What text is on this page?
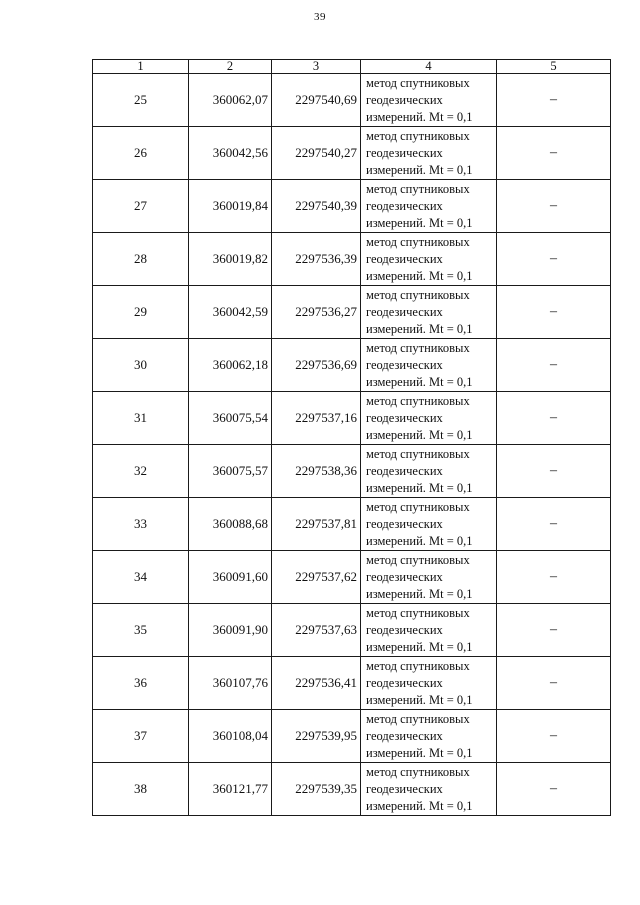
39
1	2	3	4	5
25	360062,07	2297540,69	метод спутниковых
геодезических
измерений. Mt = 0,1	–
26	360042,56	2297540,27	метод спутниковых
геодезических
измерений. Mt = 0,1	–
27	360019,84	2297540,39	метод спутниковых
геодезических
измерений. Mt = 0,1	–
28	360019,82	2297536,39	метод спутниковых
геодезических
измерений. Mt = 0,1	–
29	360042,59	2297536,27	метод спутниковых
геодезических
измерений. Mt = 0,1	–
30	360062,18	2297536,69	метод спутниковых
геодезических
измерений. Mt = 0,1	–
31	360075,54	2297537,16	метод спутниковых
геодезических
измерений. Mt = 0,1	–
32	360075,57	2297538,36	метод спутниковых
геодезических
измерений. Mt = 0,1	–
33	360088,68	2297537,81	метод спутниковых
геодезических
измерений. Mt = 0,1	–
34	360091,60	2297537,62	метод спутниковых
геодезических
измерений. Mt = 0,1	–
35	360091,90	2297537,63	метод спутниковых
геодезических
измерений. Mt = 0,1	–
36	360107,76	2297536,41	метод спутниковых
геодезических
измерений. Mt = 0,1	–
37	360108,04	2297539,95	метод спутниковых
геодезических
измерений. Mt = 0,1	–
38	360121,77	2297539,35	метод спутниковых
геодезических
измерений. Mt = 0,1	–
